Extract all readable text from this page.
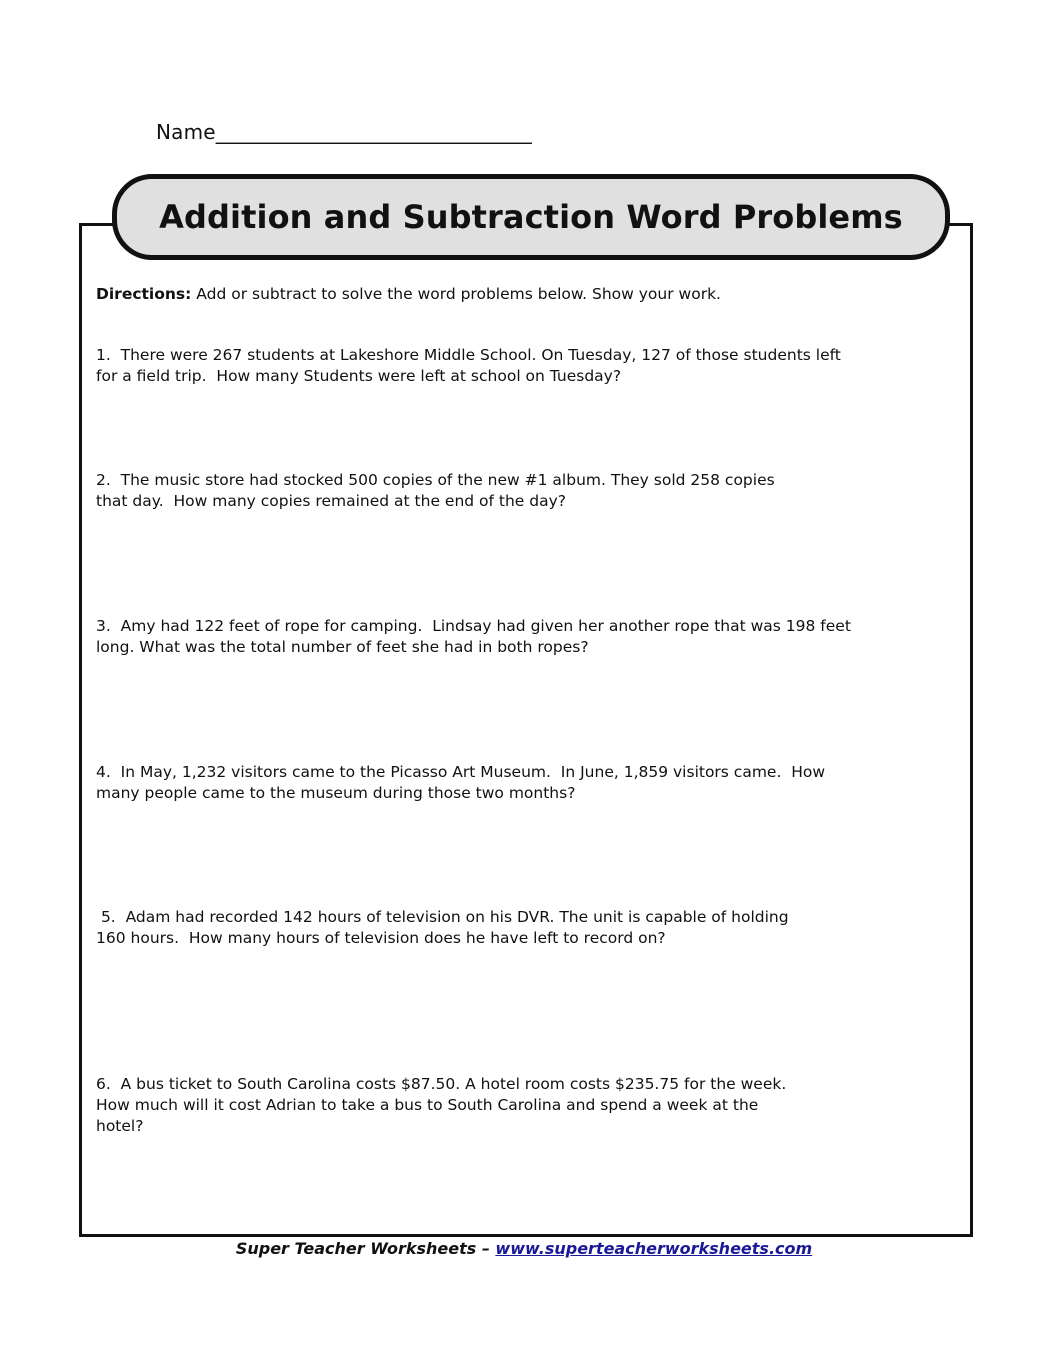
Name_______________________________
Addition and Subtraction Word Problems
Directions: Add or subtract to solve the word problems below. Show your work.
1.  There were 267 students at Lakeshore Middle School. On Tuesday, 127 of those students left
for a field trip.  How many Students were left at school on Tuesday?
2.  The music store had stocked 500 copies of the new #1 album. They sold 258 copies
that day.  How many copies remained at the end of the day?
3.  Amy had 122 feet of rope for camping.  Lindsay had given her another rope that was 198 feet
long. What was the total number of feet she had in both ropes?
4.  In May, 1,232 visitors came to the Picasso Art Museum.  In June, 1,859 visitors came.  How
many people came to the museum during those two months?
5.  Adam had recorded 142 hours of television on his DVR. The unit is capable of holding
160 hours.  How many hours of television does he have left to record on?
6.  A bus ticket to South Carolina costs $87.50. A hotel room costs $235.75 for the week.
How much will it cost Adrian to take a bus to South Carolina and spend a week at the
hotel?
Super Teacher Worksheets – www.superteacherworksheets.com
